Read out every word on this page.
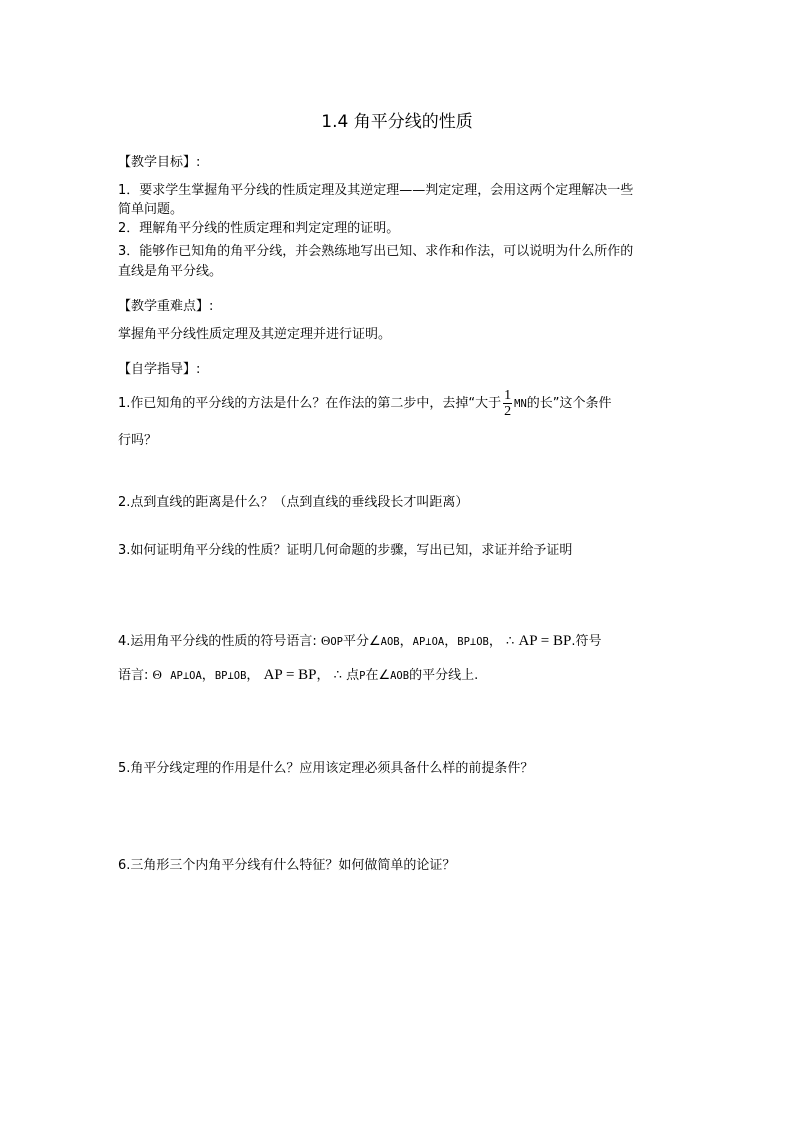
1.4 角平分线的性质
【教学目标】:
1．要求学生掌握角平分线的性质定理及其逆定理——判定定理，会用这两个定理解决一些
简单问题。
2．理解角平分线的性质定理和判定定理的证明。
3．能够作已知角的角平分线，并会熟练地写出已知、求作和作法，可以说明为什么所作的
直线是角平分线。
【教学重难点】:
掌握角平分线性质定理及其逆定理并进行证明。
【自学指导】:
1.作已知角的平分线的方法是什么？在作法的第二步中，去掉“大于 $\frac{1}{2}$ MN的长”这个条件
行吗？
2.点到直线的距离是什么？（点到直线的垂线段长才叫距离）
3.如何证明角平分线的性质？证明几何命题的步骤，写出已知，求证并给予证明
4.运用角平分线的性质的符号语言: ΘOP平分∠AOB，AP⊥OA，BP⊥OB， ∴ AP = BP.符号
语言: Θ AP⊥OA，BP⊥OB， AP = BP， ∴ 点P在∠AOB的平分线上.
5.角平分线定理的作用是什么？应用该定理必须具备什么样的前提条件？
6.三角形三个内角平分线有什么特征？如何做简单的论证？
